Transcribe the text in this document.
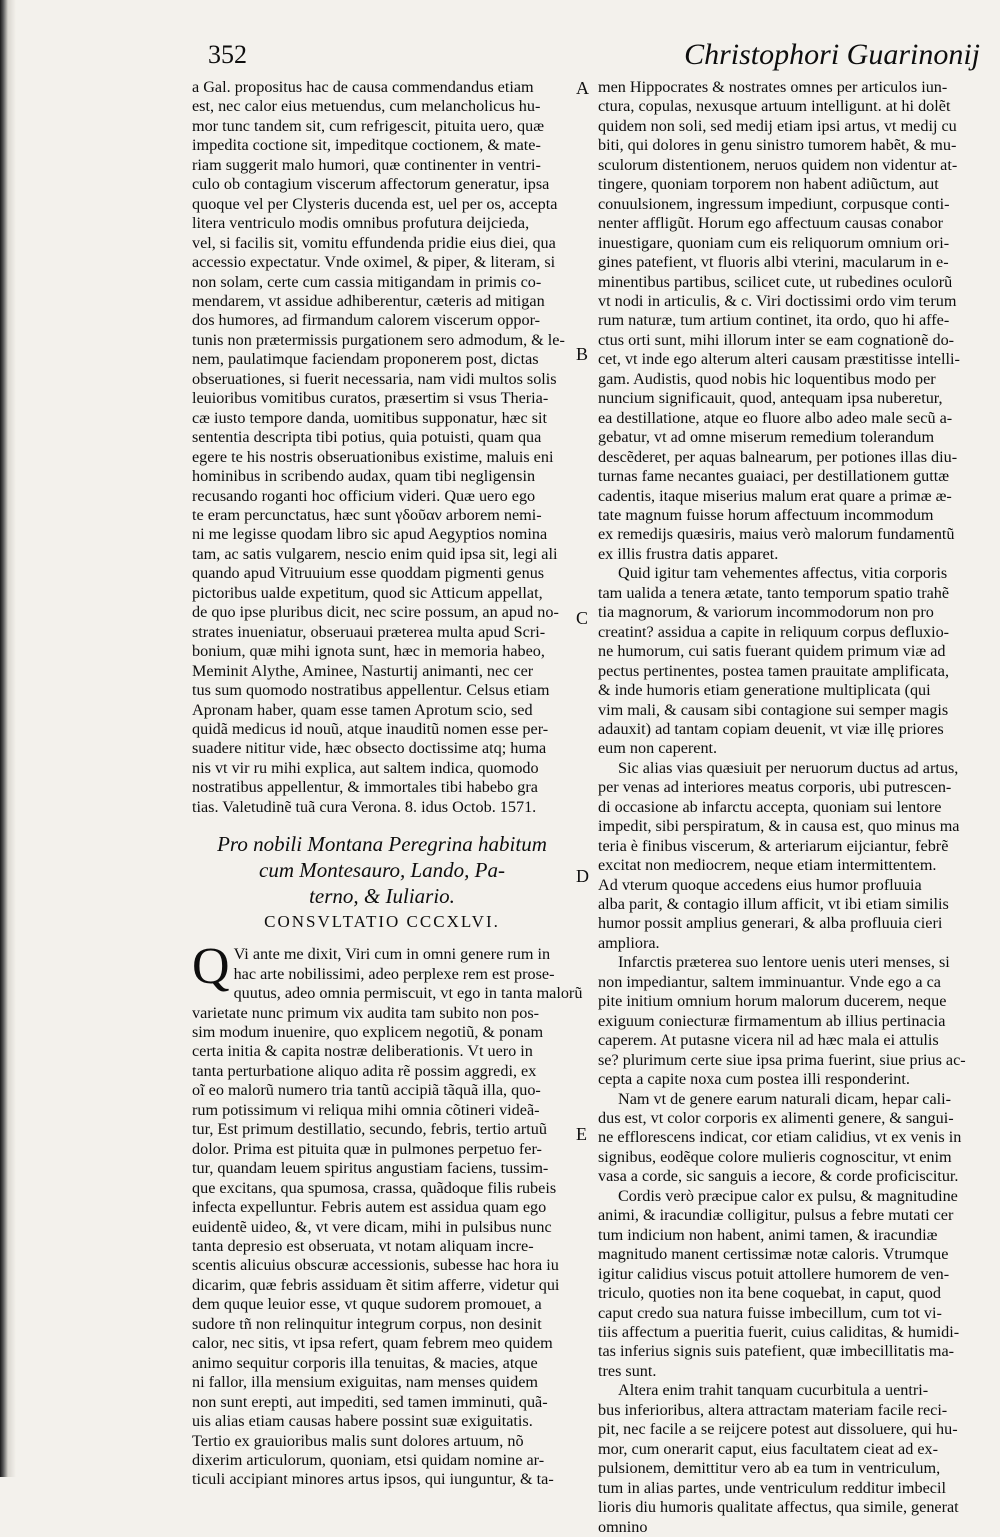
352	Christophori Guarinonij
A
B
C
D
E
a Gal. propositus hac de causa commendandus etiam
est, nec calor eius metuendus, cum melancholicus hu-
mor tunc tandem sit, cum refrigescit, pituita uero, quæ
impedita coctione sit, impeditque coctionem, & mate-
riam suggerit malo humori, quæ continenter in ventri-
culo ob contagium viscerum affectorum generatur, ipsa
quoque vel per Clysteris ducenda est, uel per os, accepta
litera ventriculo modis omnibus profutura deijcieda,
vel, si facilis sit, vomitu effundenda pridie eius diei, qua
accessio expectatur. Vnde oximel, & piper, & literam, si
non solam, certe cum cassia mitigandam in primis co-
mendarem, vt assidue adhiberentur, cæteris ad mitigan
dos humores, ad firmandum calorem viscerum oppor-
tunis non prætermissis purgationem sero admodum, & le-
nem, paulatimque faciendam proponerem post, dictas
obseruationes, si fuerit necessaria, nam vidi multos solis
leuioribus vomitibus curatos, præsertim si vsus Theria-
cæ iusto tempore danda, uomitibus supponatur, hæc sit
sententia descripta tibi potius, quia potuisti, quam qua
egere te his nostris obseruationibus existime, maluis eni
hominibus in scribendo audax, quam tibi negligensin
recusando roganti hoc officium videri. Quæ uero ego
te eram percunctatus, hæc sunt γδοῦαν arborem nemi-
ni me legisse quodam libro sic apud Aegyptios nomina
tam, ac satis vulgarem, nescio enim quid ipsa sit, legi ali
quando apud Vitruuium esse quoddam pigmenti genus
pictoribus ualde expetitum, quod sic Atticum appellat,
de quo ipse pluribus dicit, nec scire possum, an apud no-
strates inueniatur, obseruaui præterea multa apud Scri-
bonium, quæ mihi ignota sunt, hæc in memoria habeo,
Meminit Alythe, Aminee, Nasturtij animanti, nec cer
tus sum quomodo nostratibus appellentur. Celsus etiam
Apronam haber, quam esse tamen Aprotum scio, sed
quidã medicus id nouũ, atque inauditũ nomen esse per-
suadere nititur vide, hæc obsecto doctissime atq; huma
nis vt vir ru mihi explica, aut saltem indica, quomodo
nostratibus appellentur, & immortales tibi habebo gra
tias. Valetudinẽ tuã cura Verona. 8. idus Octob. 1571.
Pro nobili Montana Peregrina habitum
cum Montesauro, Lando, Pa-
terno, & Iuliario.
CONSVLTATIO CCCXLVI.
Q Vi ante me dixit, Viri cum in omni genere rum in
hac arte nobilissimi, adeo perplexe rem est prose-
quutus, adeo omnia permiscuit, vt ego in tanta malorũ
varietate nunc primum vix audita tam subito non pos-
sim modum inuenire, quo explicem negotiũ, & ponam
certa initia & capita nostræ deliberationis. Vt uero in
tanta perturbatione aliquo adita rẽ possim aggredi, ex
oĩ eo malorũ numero tria tantũ accipiã tãquã illa, quo-
rum potissimum vi reliqua mihi omnia cõtineri videã-
tur, Est primum destillatio, secundo, febris, tertio artuũ
dolor. Prima est pituita quæ in pulmones perpetuo fer-
tur, quandam leuem spiritus angustiam faciens, tussim-
que excitans, qua spumosa, crassa, quãdoque filis rubeis
infecta expelluntur. Febris autem est assidua quam ego
euidentẽ uideo, &, vt vere dicam, mihi in pulsibus nunc
tanta depresio est obseruata, vt notam aliquam incre-
scentis alicuius obscuræ accessionis, subesse hac hora iu
dicarim, quæ febris assiduam ẽt sitim afferre, videtur qui
dem quque leuior esse, vt quque sudorem promouet, a
sudore tñ non relinquitur integrum corpus, non desinit
calor, nec sitis, vt ipsa refert, quam febrem meo quidem
animo sequitur corporis illa tenuitas, & macies, atque
ni fallor, illa mensium exiguitas, nam menses quidem
non sunt erepti, aut impediti, sed tamen imminuti, quã-
uis alias etiam causas habere possint suæ exiguitatis.
Tertio ex grauioribus malis sunt dolores artuum, nõ
dixerim articulorum, quoniam, etsi quidam nomine ar-
ticuli accipiant minores artus ipsos, qui iunguntur, & ta-
men Hippocrates & nostrates omnes per articulos iun-
ctura, copulas, nexusque artuum intelligunt. at hi dolẽt
quidem non soli, sed medij etiam ipsi artus, vt medij cu
biti, qui dolores in genu sinistro tumorem habẽt, & mu-
sculorum distentionem, neruos quidem non videntur at-
tingere, quoniam torporem non habent adiũctum, aut
conuulsionem, ingressum impediunt, corpusque conti-
nenter affligũt. Horum ego affectuum causas conabor
inuestigare, quoniam cum eis reliquorum omnium ori-
gines patefient, vt fluoris albi vterini, macularum in e-
minentibus partibus, scilicet cute, ut rubedines oculorũ
vt nodi in articulis, & c. Viri doctissimi ordo vim terum
rum naturæ, tum artium continet, ita ordo, quo hi affe-
ctus orti sunt, mihi illorum inter se eam cognationẽ do-
cet, vt inde ego alterum alteri causam præstitisse intelli-
gam. Audistis, quod nobis hic loquentibus modo per
nuncium significauit, quod, antequam ipsa nuberetur,
ea destillatione, atque eo fluore albo adeo male secũ a-
gebatur, vt ad omne miserum remedium tolerandum
descẽderet, per aquas balnearum, per potiones illas diu-
turnas fame necantes guaiaci, per destillationem guttæ
cadentis, itaque miserius malum erat quare a primæ æ-
tate magnum fuisse horum affectuum incommodum
ex remedijs quæsiris, maius verò malorum fundamentũ
ex illis frustra datis apparet.
Quid igitur tam vehementes affectus, vitia corporis
tam ualida a tenera ætate, tanto temporum spatio trahẽ
tia magnorum, & variorum incommodorum non pro
creatint? assidua a capite in reliquum corpus defluxio-
ne humorum, cui satis fuerant quidem primum viæ ad
pectus pertinentes, postea tamen prauitate amplificata,
& inde humoris etiam generatione multiplicata (qui
vim mali, & causam sibi contagione sui semper magis
adauxit) ad tantam copiam deuenit, vt viæ illę priores
eum non caperent.
Sic alias vias quæsiuit per neruorum ductus ad artus,
per venas ad interiores meatus corporis, ubi putrescen-
di occasione ab infarctu accepta, quoniam sui lentore
impedit, sibi perspiratum, & in causa est, quo minus ma
teria è finibus viscerum, & arteriarum eijciantur, febrẽ
excitat non mediocrem, neque etiam intermittentem.
Ad vterum quoque accedens eius humor profluuia
alba parit, & contagio illum afficit, vt ibi etiam similis
humor possit amplius generari, & alba profluuia cieri
ampliora.
Infarctis præterea suo lentore uenis uteri menses, si
non impediantur, saltem imminuantur. Vnde ego a ca
pite initium omnium horum malorum ducerem, neque
exiguum coniecturæ firmamentum ab illius pertinacia
caperem. At putasne vicera nil ad hæc mala ei attulis
se? plurimum certe siue ipsa prima fuerint, siue prius ac-
cepta a capite noxa cum postea illi responderint.
Nam vt de genere earum naturali dicam, hepar cali-
dus est, vt color corporis ex alimenti genere, & sangui-
ne efflorescens indicat, cor etiam calidius, vt ex venis in
signibus, eodẽque colore mulieris cognoscitur, vt enim
vasa a corde, sic sanguis a iecore, & corde proficiscitur.
Cordis verò præcipue calor ex pulsu, & magnitudine
animi, & iracundiæ colligitur, pulsus a febre mutati cer
tum indicium non habent, animi tamen, & iracundiæ
magnitudo manent certissimæ notæ caloris. Vtrumque
igitur calidius viscus potuit attollere humorem de ven-
triculo, quoties non ita bene coquebat, in caput, quod
caput credo sua natura fuisse imbecillum, cum tot vi-
tiis affectum a pueritia fuerit, cuius caliditas, & humidi-
tas inferius signis suis patefient, quæ imbecillitatis ma-
tres sunt.
Altera enim trahit tanquam cucurbitula a uentri-
bus inferioribus, altera attractam materiam facile reci-
pit, nec facile a se reijcere potest aut dissoluere, qui hu-
mor, cum onerarit caput, eius facultatem cieat ad ex-
pulsionem, demittitur vero ab ea tum in ventriculum,
tum in alias partes, unde ventriculum redditur imbecil
lioris diu humoris qualitate affectus, qua simile, generat
omnino
